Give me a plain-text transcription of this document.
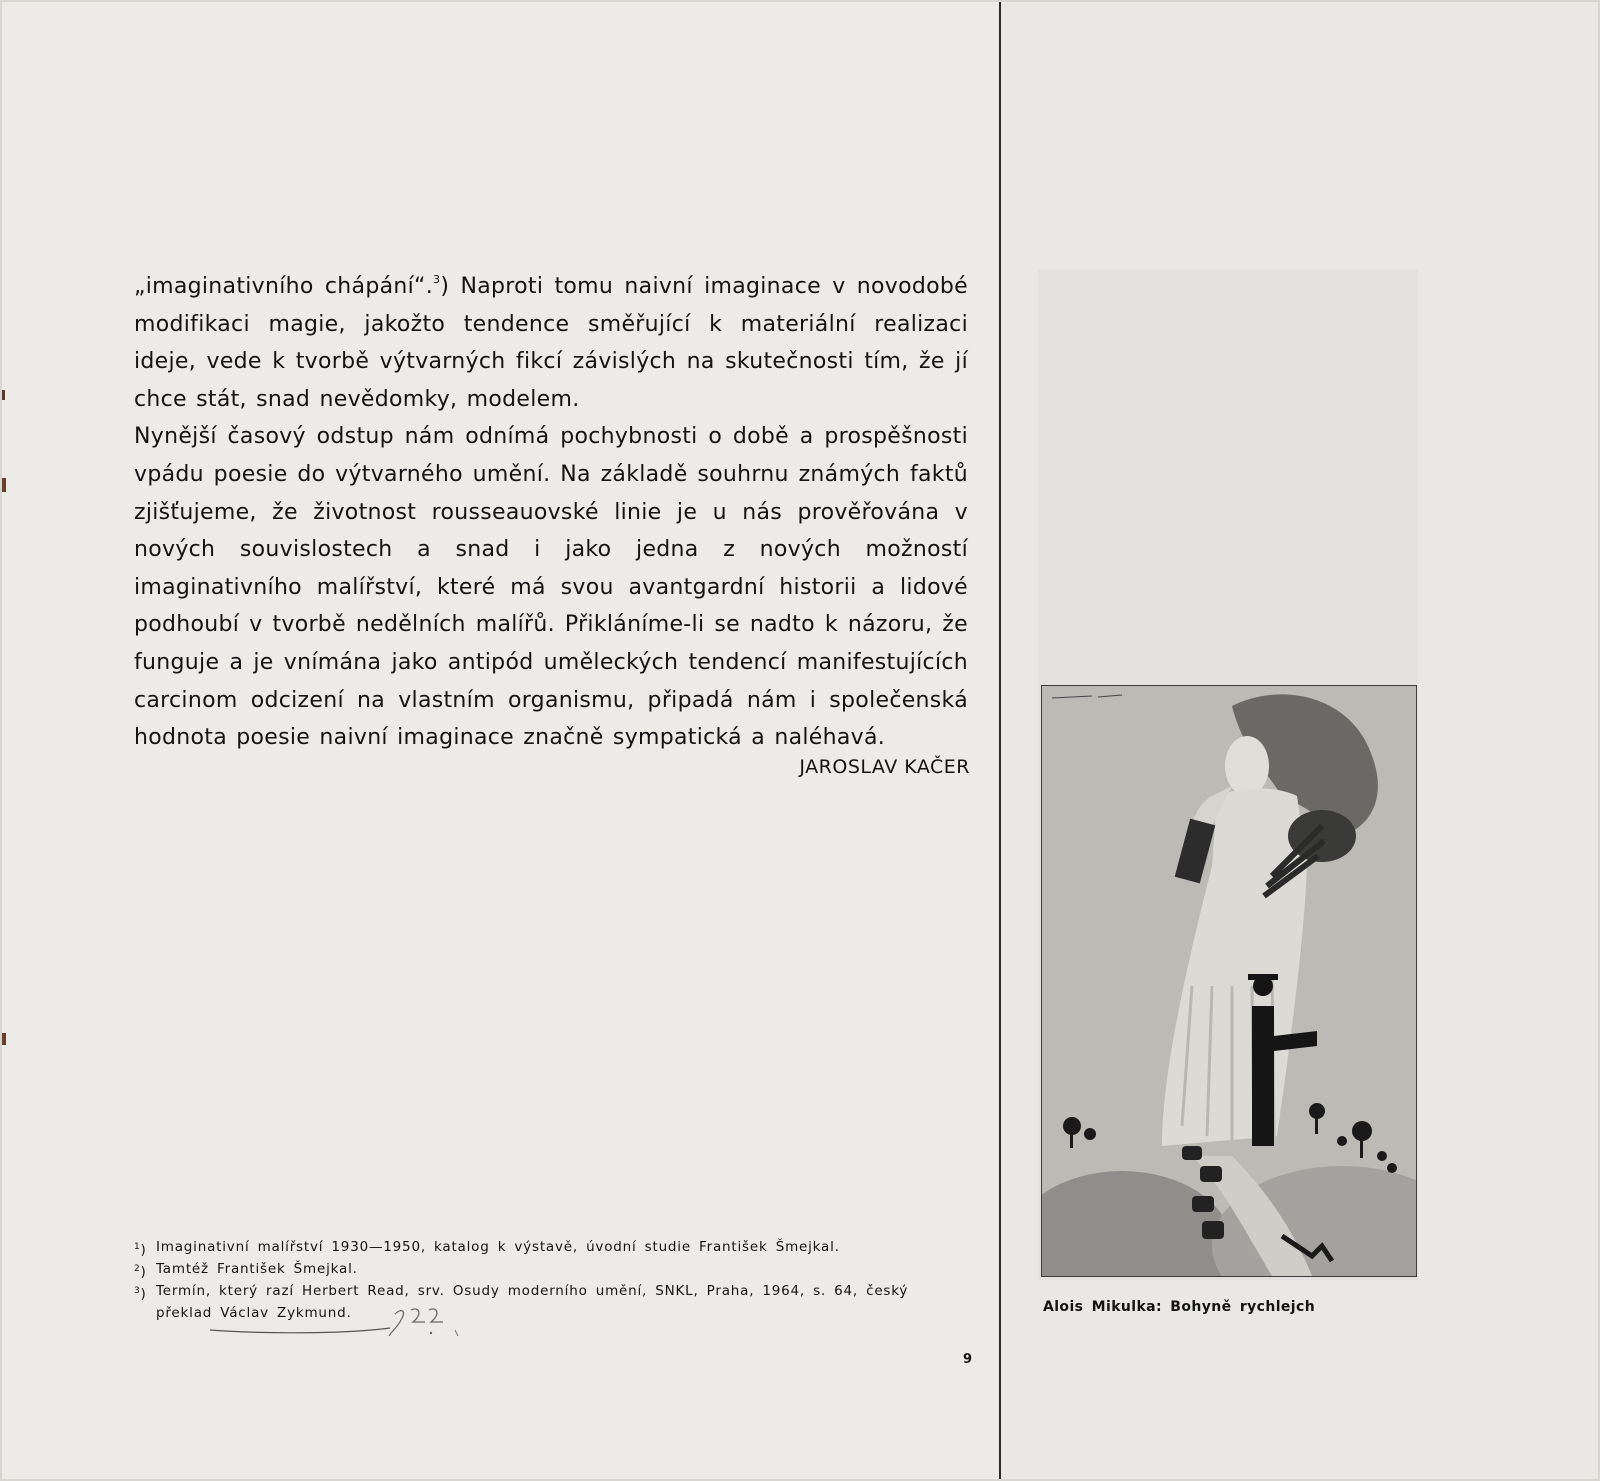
„imaginativního chápání“.$^3$) Naproti tomu naivní imaginace v novodobé modifikaci magie, jakožto tendence směřující k materiální realizaci ideje, vede k tvorbě výtvarných fikcí závislých na skutečnosti tím, že jí chce stát, snad nevědomky, modelem.

Nynější časový odstup nám odnímá pochybnosti o době a prospěšnosti vpádu poesie do výtvarného umění. Na základě souhrnu známých faktů zjišťujeme, že životnost rousseauovské linie je u nás prověřována v nových souvislostech a snad i jako jedna z nových možností imaginativního malířství, které má svou avantgardní historii a lidové podhoubí v tvorbě nedělních malířů. Přikláníme-li se nadto k názoru, že funguje a je vnímána jako antipód uměleckých tendencí manifestujících carcinom odcizení na vlastním organismu, připadá nám i společenská hodnota poesie naivní imaginace značně sympatická a naléhavá.

JAROSLAV KAČER
$^1$) Imaginativní malířství 1930—1950, katalog k výstavě, úvodní studie František Šmejkal.
$^2$) Tamtéž František Šmejkal.
$^3$) Termín, který razí Herbert Read, srv. Osudy moderního umění, SNKL, Praha, 1964, s. 64, český překlad Václav Zykmund.
9
Alois Mikulka: Bohyně rychlejch
